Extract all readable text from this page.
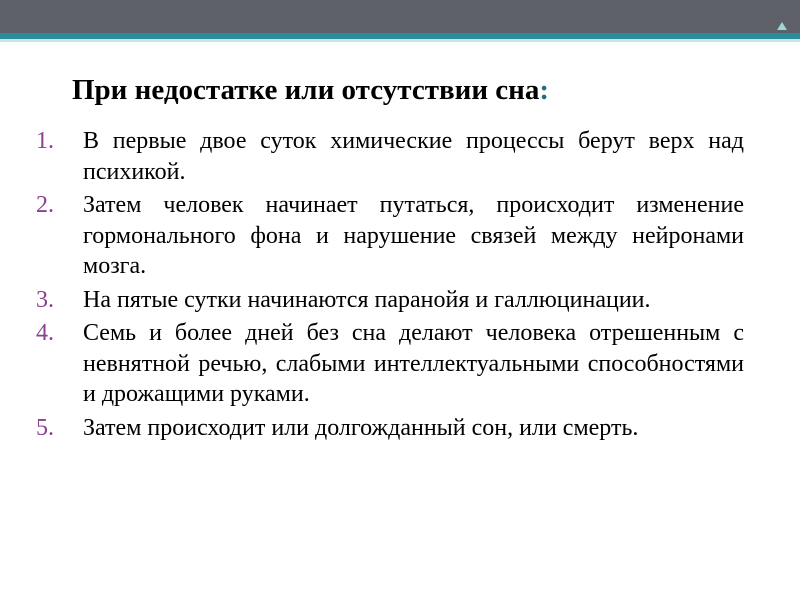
При недостатке или отсутствии сна:
1. В первые двое суток химические процессы берут верх над психикой.
2. Затем человек начинает путаться, происходит изменение гормонального фона и нарушение связей между нейронами мозга.
3. На пятые сутки начинаются паранойя и галлюцинации.
4. Семь и более дней без сна делают человека отрешенным с невнятной речью, слабыми интеллектуальными способностями и дрожащими руками.
5. Затем происходит или долгожданный сон, или смерть.
